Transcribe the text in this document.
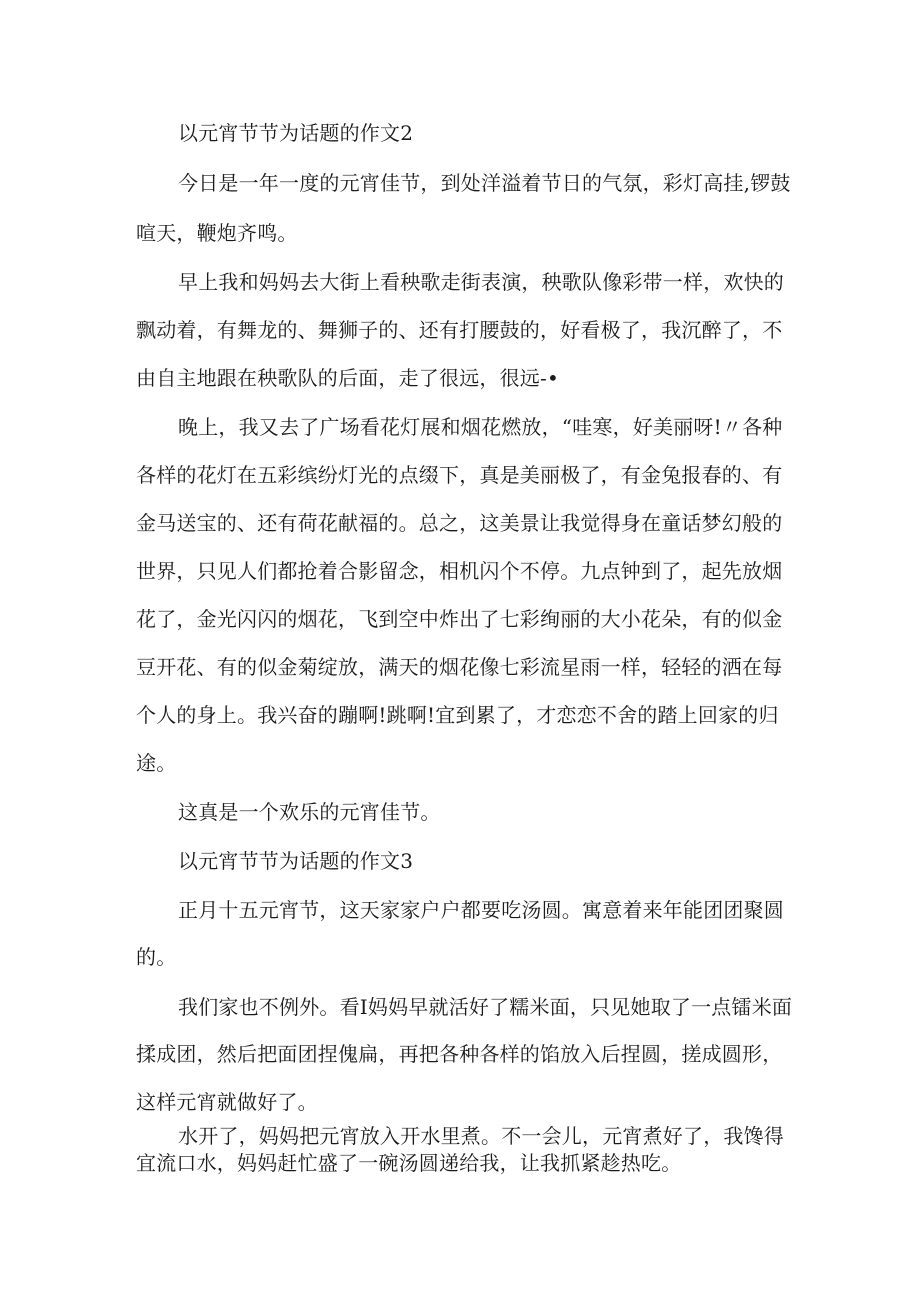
以元宵节节为话题的作文2
今日是一年一度的元宵佳节，到处洋溢着节日的气氛，彩灯高挂,锣鼓
喧天，鞭炮齐鸣。
早上我和妈妈去大街上看秧歌走街表演，秧歌队像彩带一样，欢快的
飘动着，有舞龙的、舞狮子的、还有打腰鼓的，好看极了，我沉醉了，不
由自主地跟在秧歌队的后面，走了很远，很远-•
晚上，我又去了广场看花灯展和烟花燃放，“哇寒，好美丽呀!〃各种
各样的花灯在五彩缤纷灯光的点缀下，真是美丽极了，有金兔报春的、有
金马送宝的、还有荷花献福的。总之，这美景让我觉得身在童话梦幻般的
世界，只见人们都抢着合影留念，相机闪个不停。九点钟到了，起先放烟
花了，金光闪闪的烟花，飞到空中炸出了七彩绚丽的大小花朵，有的似金
豆开花、有的似金菊绽放，满天的烟花像七彩流星雨一样，轻轻的洒在每
个人的身上。我兴奋的蹦啊!跳啊!宜到累了，才恋恋不舍的踏上回家的归
途。
这真是一个欢乐的元宵佳节。
以元宵节节为话题的作文3
正月十五元宵节，这天家家户户都要吃汤圆。寓意着来年能团团聚圆
的。
我们家也不例外。看I妈妈早就活好了糯米面，只见她取了一点镭米面
揉成团，然后把面团捏傀扁，再把各种各样的馅放入后捏圆，搓成圆形，
这样元宵就做好了。
水开了，妈妈把元宵放入开水里煮。不一会儿，元宵煮好了，我馋得
宜流口水，妈妈赶忙盛了一碗汤圆递给我，让我抓紧趁热吃。
